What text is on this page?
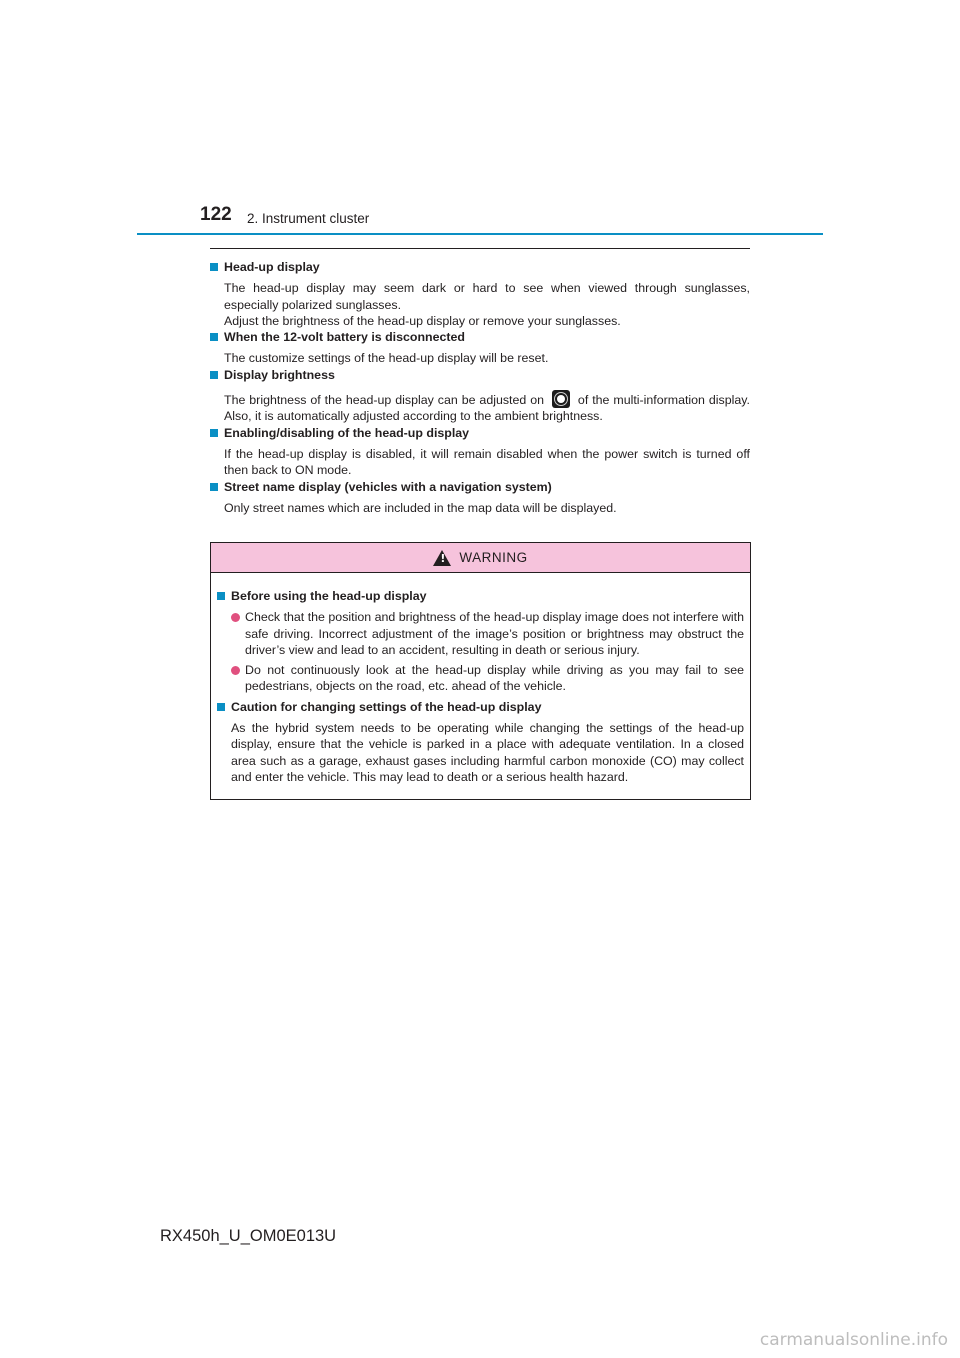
122 2. Instrument cluster
Head-up display

The head-up display may seem dark or hard to see when viewed through sunglasses, especially polarized sunglasses.

Adjust the brightness of the head-up display or remove your sunglasses.

When the 12-volt battery is disconnected

The customize settings of the head-up display will be reset.

Display brightness

The brightness of the head-up display can be adjusted on	of the multi-information display. Also, it is automatically adjusted according to the ambient brightness.

Enabling/disabling of the head-up display

If the head-up display is disabled, it will remain disabled when the power switch is turned off then back to ON mode.

Street name display (vehicles with a navigation system)

Only street names which are included in the map data will be displayed.

!
WARNING
Before using the head-up display
Check that the position and brightness of the head-up display image does not interfere with safe driving. Incorrect adjustment of the image’s position or brightness may obstruct the driver’s view and lead to an accident, resulting in death or serious injury.
Do not continuously look at the head-up display while driving as you may fail to see pedestrians, objects on the road, etc. ahead of the vehicle.
Caution for changing settings of the head-up display
As the hybrid system needs to be operating while changing the settings of the head-up display, ensure that the vehicle is parked in a place with adequate ventilation. In a closed area such as a garage, exhaust gases including harmful carbon monoxide (CO) may collect and enter the vehicle. This may lead to death or a serious health hazard.
RX450h_U_OM0E013U
carmanualsonline.info
